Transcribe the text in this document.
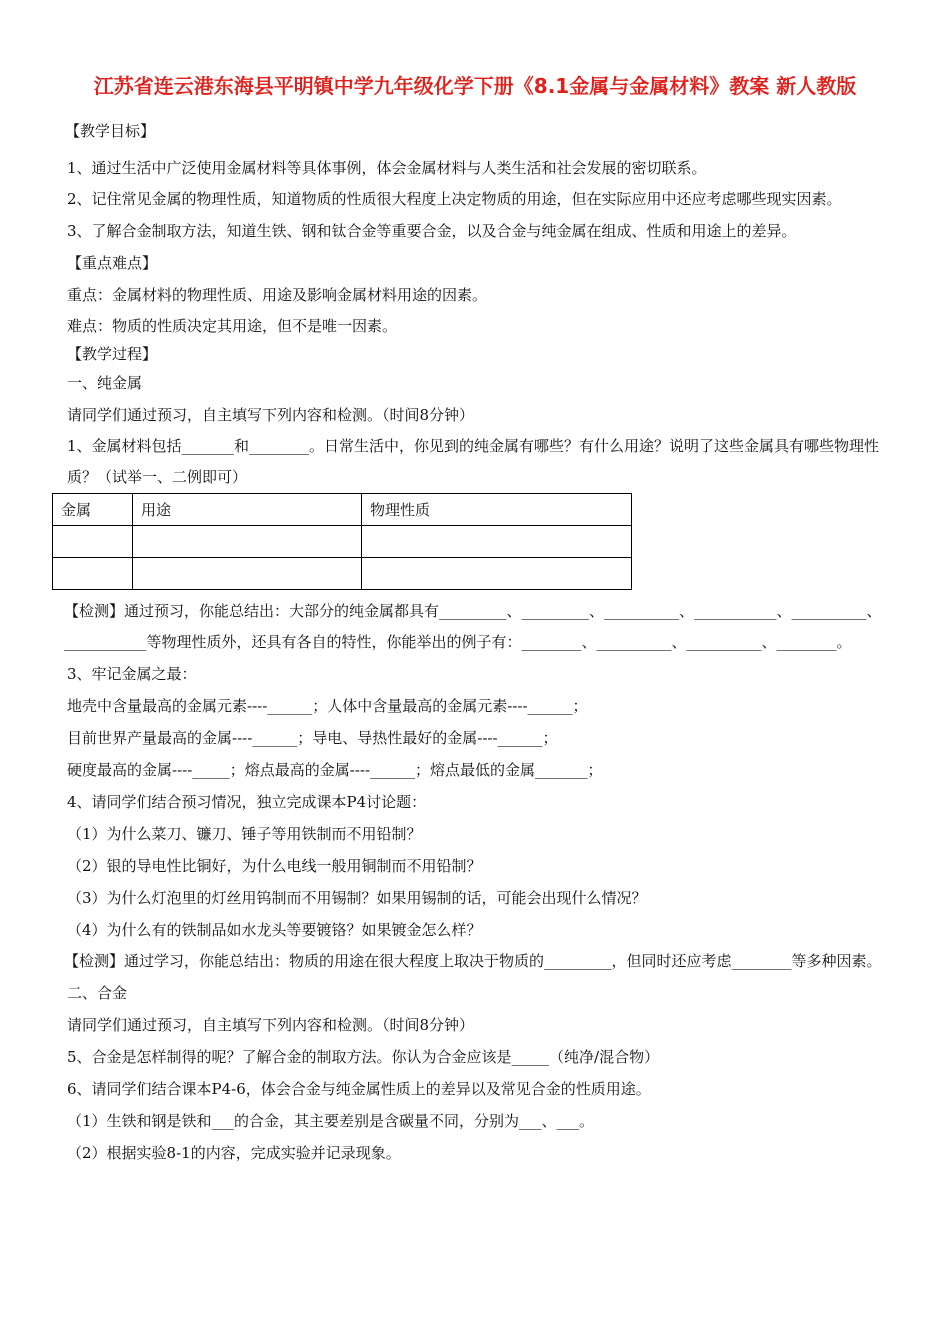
江苏省连云港东海县平明镇中学九年级化学下册《8.1金属与金属材料》教案 新人教版
【教学目标】
1、通过生活中广泛使用金属材料等具体事例，体会金属材料与人类生活和社会发展的密切联系。
2、记住常见金属的物理性质，知道物质的性质很大程度上决定物质的用途，但在实际应用中还应考虑哪些现实因素。
3、了解合金制取方法，知道生铁、钢和钛合金等重要合金，以及合金与纯金属在组成、性质和用途上的差异。
【重点难点】
重点：金属材料的物理性质、用途及影响金属材料用途的因素。
难点：物质的性质决定其用途，但不是唯一因素。
【教学过程】
一、纯金属
请同学们通过预习，自主填写下列内容和检测。（时间8分钟）
1、金属材料包括_______和________。日常生活中，你见到的纯金属有哪些？有什么用途？说明了这些金属具有哪些物理性质？（试举一、二例即可）
金属	用途	物理性质

【检测】通过预习，你能总结出：大部分的纯金属都具有_________、_________、__________、___________、__________、___________等物理性质外，还具有各自的特性，你能举出的例子有：________、__________、__________、________。
3、牢记金属之最：
地壳中含量最高的金属元素----______；人体中含量最高的金属元素----______；
目前世界产量最高的金属----______；导电、导热性最好的金属----______；
硬度最高的金属----_____；熔点最高的金属----______；熔点最低的金属_______；
4、请同学们结合预习情况，独立完成课本P4讨论题：
（1）为什么菜刀、镰刀、锤子等用铁制而不用铅制？
（2）银的导电性比铜好，为什么电线一般用铜制而不用铅制？
（3）为什么灯泡里的灯丝用钨制而不用锡制？如果用锡制的话，可能会出现什么情况？
（4）为什么有的铁制品如水龙头等要镀铬？如果镀金怎么样？
【检测】通过学习，你能总结出：物质的用途在很大程度上取决于物质的_________，但同时还应考虑________等多种因素。
二、合金
请同学们通过预习，自主填写下列内容和检测。（时间8分钟）
5、合金是怎样制得的呢？了解合金的制取方法。你认为合金应该是_____（纯净/混合物）
6、请同学们结合课本P4-6，体会合金与纯金属性质上的差异以及常见合金的性质用途。
（1）生铁和钢是铁和___的合金，其主要差别是含碳量不同，分别为___、___。
（2）根据实验8-1的内容，完成实验并记录现象。
